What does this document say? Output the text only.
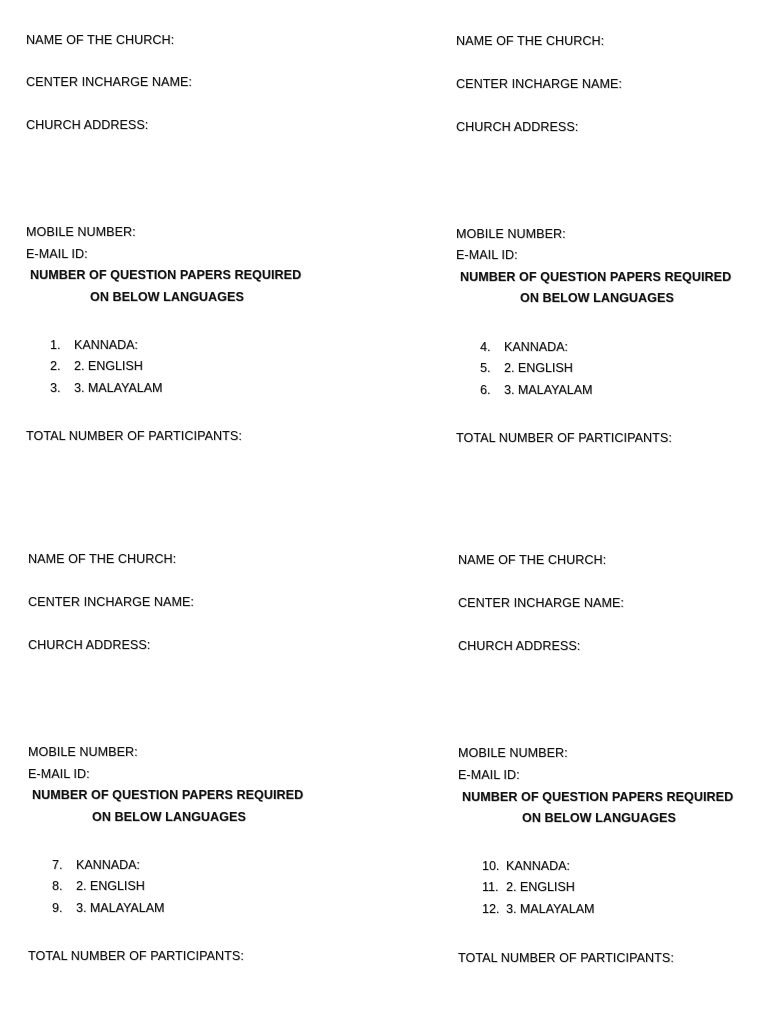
NAME OF THE CHURCH:

CENTER INCHARGE NAME:

CHURCH ADDRESS:

MOBILE NUMBER:

E-MAIL ID:

NUMBER OF QUESTION PAPERS REQUIRED

ON BELOW LANGUAGES

1. KANNADA:
2. 2. ENGLISH
3. 3. MALAYALAM

TOTAL NUMBER OF PARTICIPANTS:

NAME OF THE CHURCH:

CENTER INCHARGE NAME:

CHURCH ADDRESS:

MOBILE NUMBER:

E-MAIL ID:

NUMBER OF QUESTION PAPERS REQUIRED

ON BELOW LANGUAGES

4. KANNADA:
5. 2. ENGLISH
6. 3. MALAYALAM

TOTAL NUMBER OF PARTICIPANTS:

NAME OF THE CHURCH:

CENTER INCHARGE NAME:

CHURCH ADDRESS:

MOBILE NUMBER:

E-MAIL ID:

NUMBER OF QUESTION PAPERS REQUIRED

ON BELOW LANGUAGES

7. KANNADA:
8. 2. ENGLISH
9. 3. MALAYALAM

TOTAL NUMBER OF PARTICIPANTS:

NAME OF THE CHURCH:

CENTER INCHARGE NAME:

CHURCH ADDRESS:

MOBILE NUMBER:

E-MAIL ID:

NUMBER OF QUESTION PAPERS REQUIRED

ON BELOW LANGUAGES

10. KANNADA:
11. 2. ENGLISH
12. 3. MALAYALAM

TOTAL NUMBER OF PARTICIPANTS:
